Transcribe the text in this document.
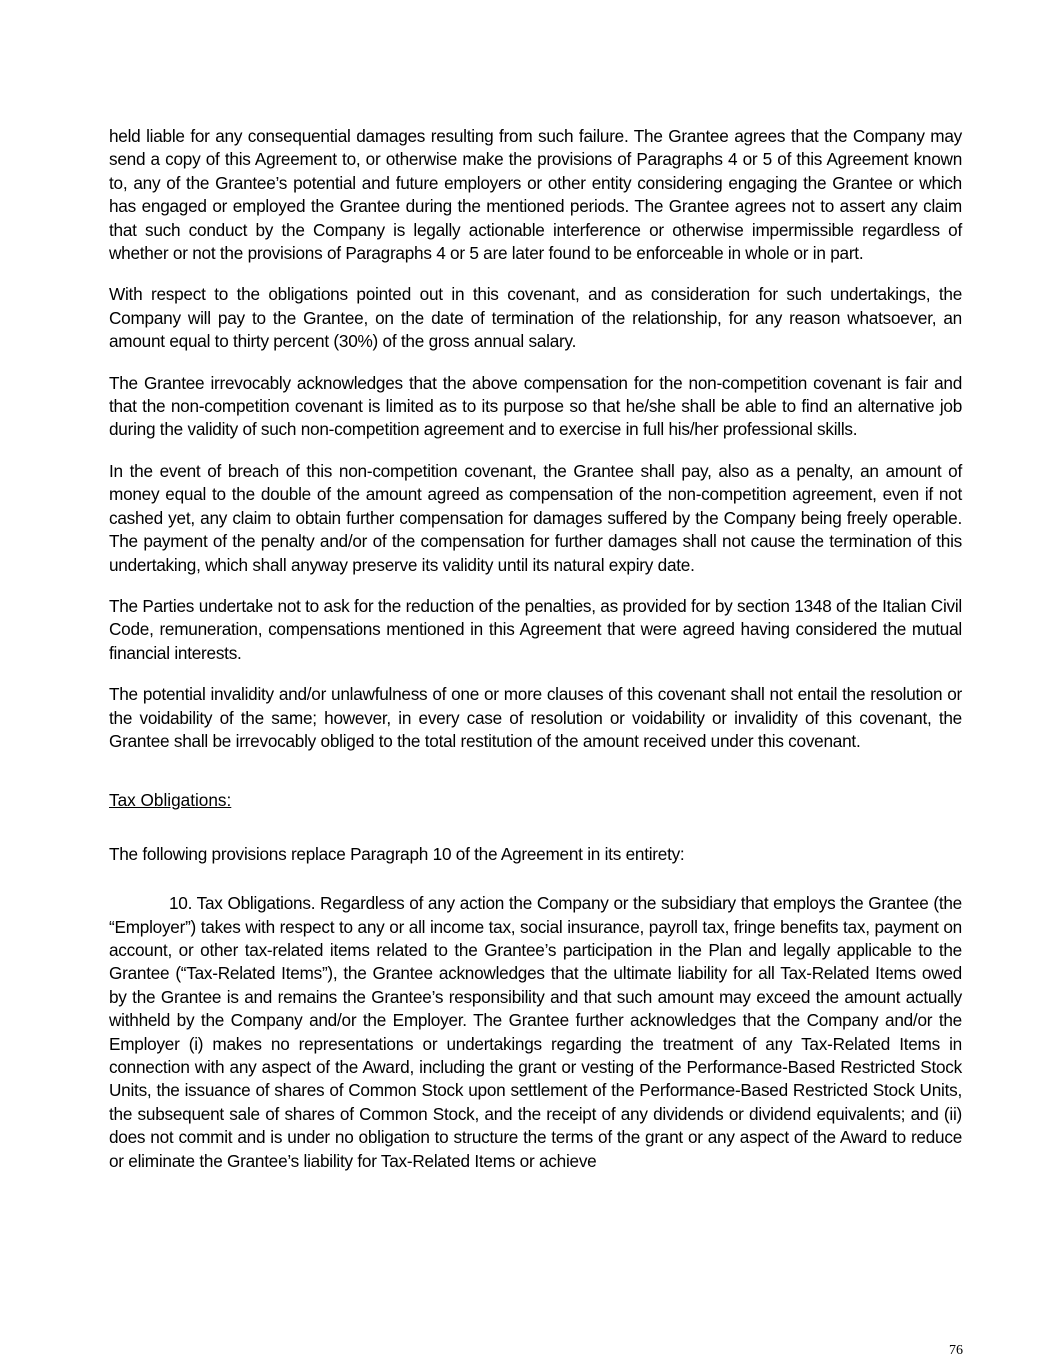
held liable for any consequential damages resulting from such failure. The Grantee agrees that the Company may send a copy of this Agreement to, or otherwise make the provisions of Paragraphs 4 or 5 of this Agreement known to, any of the Grantee’s potential and future employers or other entity considering engaging the Grantee or which has engaged or employed the Grantee during the mentioned periods. The Grantee agrees not to assert any claim that such conduct by the Company is legally actionable interference or otherwise impermissible regardless of whether or not the provisions of Paragraphs 4 or 5 are later found to be enforceable in whole or in part.

With respect to the obligations pointed out in this covenant, and as consideration for such undertakings, the Company will pay to the Grantee, on the date of termination of the relationship, for any reason whatsoever, an amount equal to thirty percent (30%) of the gross annual salary.

The Grantee irrevocably acknowledges that the above compensation for the non-competition covenant is fair and that the non-competition covenant is limited as to its purpose so that he/she shall be able to find an alternative job during the validity of such non-competition agreement and to exercise in full his/her professional skills.

In the event of breach of this non-competition covenant, the Grantee shall pay, also as a penalty, an amount of money equal to the double of the amount agreed as compensation of the non-competition agreement, even if not cashed yet, any claim to obtain further compensation for damages suffered by the Company being freely operable. The payment of the penalty and/or of the compensation for further damages shall not cause the termination of this undertaking, which shall anyway preserve its validity until its natural expiry date.

The Parties undertake not to ask for the reduction of the penalties, as provided for by section 1348 of the Italian Civil Code, remuneration, compensations mentioned in this Agreement that were agreed having considered the mutual financial interests.

The potential invalidity and/or unlawfulness of one or more clauses of this covenant shall not entail the resolution or the voidability of the same; however, in every case of resolution or voidability or invalidity of this covenant, the Grantee shall be irrevocably obliged to the total restitution of the amount received under this covenant.

Tax Obligations:

The following provisions replace Paragraph 10 of the Agreement in its entirety:

10. Tax Obligations. Regardless of any action the Company or the subsidiary that employs the Grantee (the “Employer”) takes with respect to any or all income tax, social insurance, payroll tax, fringe benefits tax, payment on account, or other tax-related items related to the Grantee’s participation in the Plan and legally applicable to the Grantee (“Tax-Related Items”), the Grantee acknowledges that the ultimate liability for all Tax-Related Items owed by the Grantee is and remains the Grantee’s responsibility and that such amount may exceed the amount actually withheld by the Company and/or the Employer. The Grantee further acknowledges that the Company and/or the Employer (i) makes no representations or undertakings regarding the treatment of any Tax-Related Items in connection with any aspect of the Award, including the grant or vesting of the Performance-Based Restricted Stock Units, the issuance of shares of Common Stock upon settlement of the Performance-Based Restricted Stock Units, the subsequent sale of shares of Common Stock, and the receipt of any dividends or dividend equivalents; and (ii) does not commit and is under no obligation to structure the terms of the grant or any aspect of the Award to reduce or eliminate the Grantee’s liability for Tax-Related Items or achieve

76
